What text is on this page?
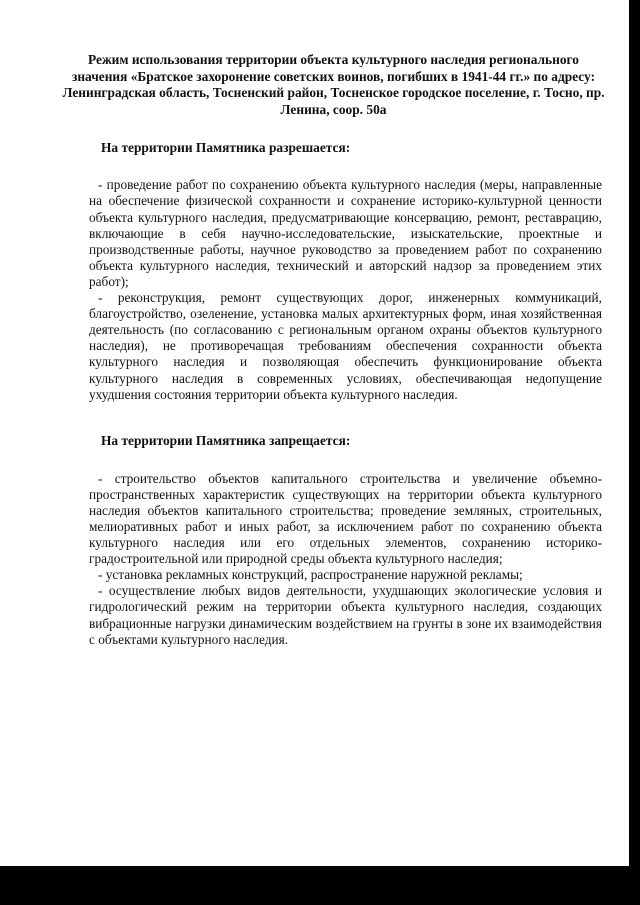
Режим использования территории объекта культурного наследия регионального значения «Братское захоронение советских воинов, погибших в 1941-44 гг.» по адресу: Ленинградская область, Тосненский район, Тосненское городское поселение, г. Тосно, пр. Ленина, соор. 50а
На территории Памятника разрешается:

- проведение работ по сохранению объекта культурного наследия (меры, направленные на обеспечение физической сохранности и сохранение историко-культурной ценности объекта культурного наследия, предусматривающие консервацию, ремонт, реставрацию, включающие в себя научно-исследовательские, изыскательские, проектные и производственные работы, научное руководство за проведением работ по сохранению объекта культурного наследия, технический и авторский надзор за проведением этих работ);

- реконструкция, ремонт существующих дорог, инженерных коммуникаций, благоустройство, озеленение, установка малых архитектурных форм, иная хозяйственная деятельность (по согласованию с региональным органом охраны объектов культурного наследия), не противоречащая требованиям обеспечения сохранности объекта культурного наследия и позволяющая обеспечить функционирование объекта культурного наследия в современных условиях, обеспечивающая недопущение ухудшения состояния территории объекта культурного наследия.

На территории Памятника запрещается:

- строительство объектов капитального строительства и увеличение объемно-пространственных характеристик существующих на территории объекта культурного наследия объектов капитального строительства; проведение земляных, строительных, мелиоративных работ и иных работ, за исключением работ по сохранению объекта культурного наследия или его отдельных элементов, сохранению историко-градостроительной или природной среды объекта культурного наследия;

- установка рекламных конструкций, распространение наружной рекламы;

- осуществление любых видов деятельности, ухудшающих экологические условия и гидрологический режим на территории объекта культурного наследия, создающих вибрационные нагрузки динамическим воздействием на грунты в зоне их взаимодействия с объектами культурного наследия.
